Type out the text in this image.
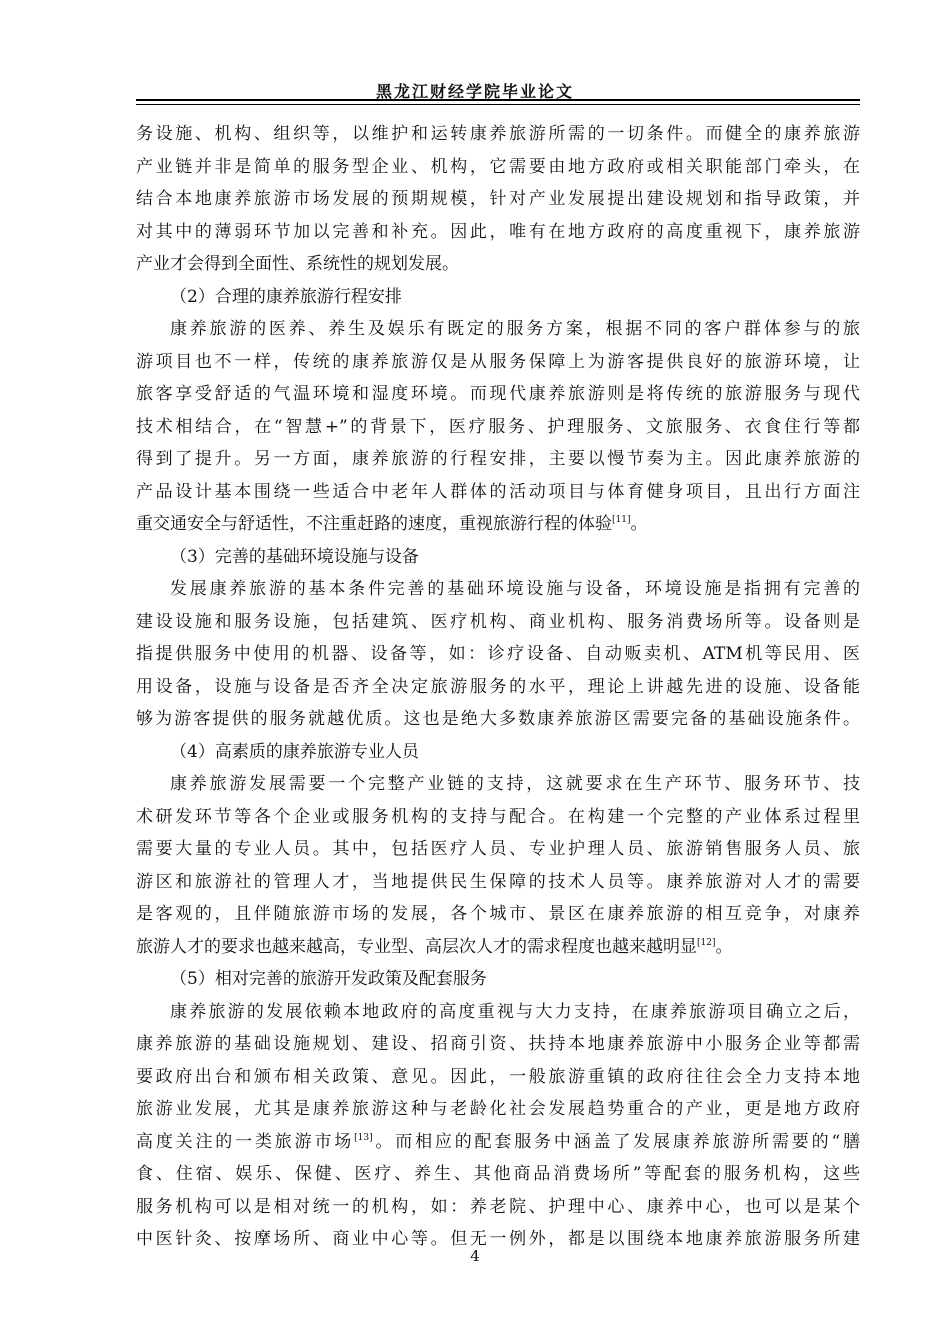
黑龙江财经学院毕业论文
务设施、机构、组织等，以维护和运转康养旅游所需的一切条件。而健全的康养旅游
产业链并非是简单的服务型企业、机构，它需要由地方政府或相关职能部门牵头，在
结合本地康养旅游市场发展的预期规模，针对产业发展提出建设规划和指导政策，并
对其中的薄弱环节加以完善和补充。因此，唯有在地方政府的高度重视下，康养旅游
产业才会得到全面性、系统性的规划发展。
（2）合理的康养旅游行程安排
康养旅游的医养、养生及娱乐有既定的服务方案，根据不同的客户群体参与的旅
游项目也不一样，传统的康养旅游仅是从服务保障上为游客提供良好的旅游环境，让
旅客享受舒适的气温环境和湿度环境。而现代康养旅游则是将传统的旅游服务与现代
技术相结合，在“智慧+”的背景下，医疗服务、护理服务、文旅服务、衣食住行等都
得到了提升。另一方面，康养旅游的行程安排，主要以慢节奏为主。因此康养旅游的
产品设计基本围绕一些适合中老年人群体的活动项目与体育健身项目，且出行方面注
重交通安全与舒适性，不注重赶路的速度，重视旅游行程的体验[11]。
（3）完善的基础环境设施与设备
发展康养旅游的基本条件完善的基础环境设施与设备，环境设施是指拥有完善的
建设设施和服务设施，包括建筑、医疗机构、商业机构、服务消费场所等。设备则是
指提供服务中使用的机器、设备等，如：诊疗设备、自动贩卖机、ATM机等民用、医
用设备，设施与设备是否齐全决定旅游服务的水平，理论上讲越先进的设施、设备能
够为游客提供的服务就越优质。这也是绝大多数康养旅游区需要完备的基础设施条件。
（4）高素质的康养旅游专业人员
康养旅游发展需要一个完整产业链的支持，这就要求在生产环节、服务环节、技
术研发环节等各个企业或服务机构的支持与配合。在构建一个完整的产业体系过程里
需要大量的专业人员。其中，包括医疗人员、专业护理人员、旅游销售服务人员、旅
游区和旅游社的管理人才，当地提供民生保障的技术人员等。康养旅游对人才的需要
是客观的，且伴随旅游市场的发展，各个城市、景区在康养旅游的相互竞争，对康养
旅游人才的要求也越来越高，专业型、高层次人才的需求程度也越来越明显[12]。
（5）相对完善的旅游开发政策及配套服务
康养旅游的发展依赖本地政府的高度重视与大力支持，在康养旅游项目确立之后，
康养旅游的基础设施规划、建设、招商引资、扶持本地康养旅游中小服务企业等都需
要政府出台和颁布相关政策、意见。因此，一般旅游重镇的政府往往会全力支持本地
旅游业发展，尤其是康养旅游这种与老龄化社会发展趋势重合的产业，更是地方政府
高度关注的一类旅游市场[13]。而相应的配套服务中涵盖了发展康养旅游所需要的“膳
食、住宿、娱乐、保健、医疗、养生、其他商品消费场所”等配套的服务机构，这些
服务机构可以是相对统一的机构，如：养老院、护理中心、康养中心，也可以是某个
中医针灸、按摩场所、商业中心等。但无一例外，都是以围绕本地康养旅游服务所建
4
